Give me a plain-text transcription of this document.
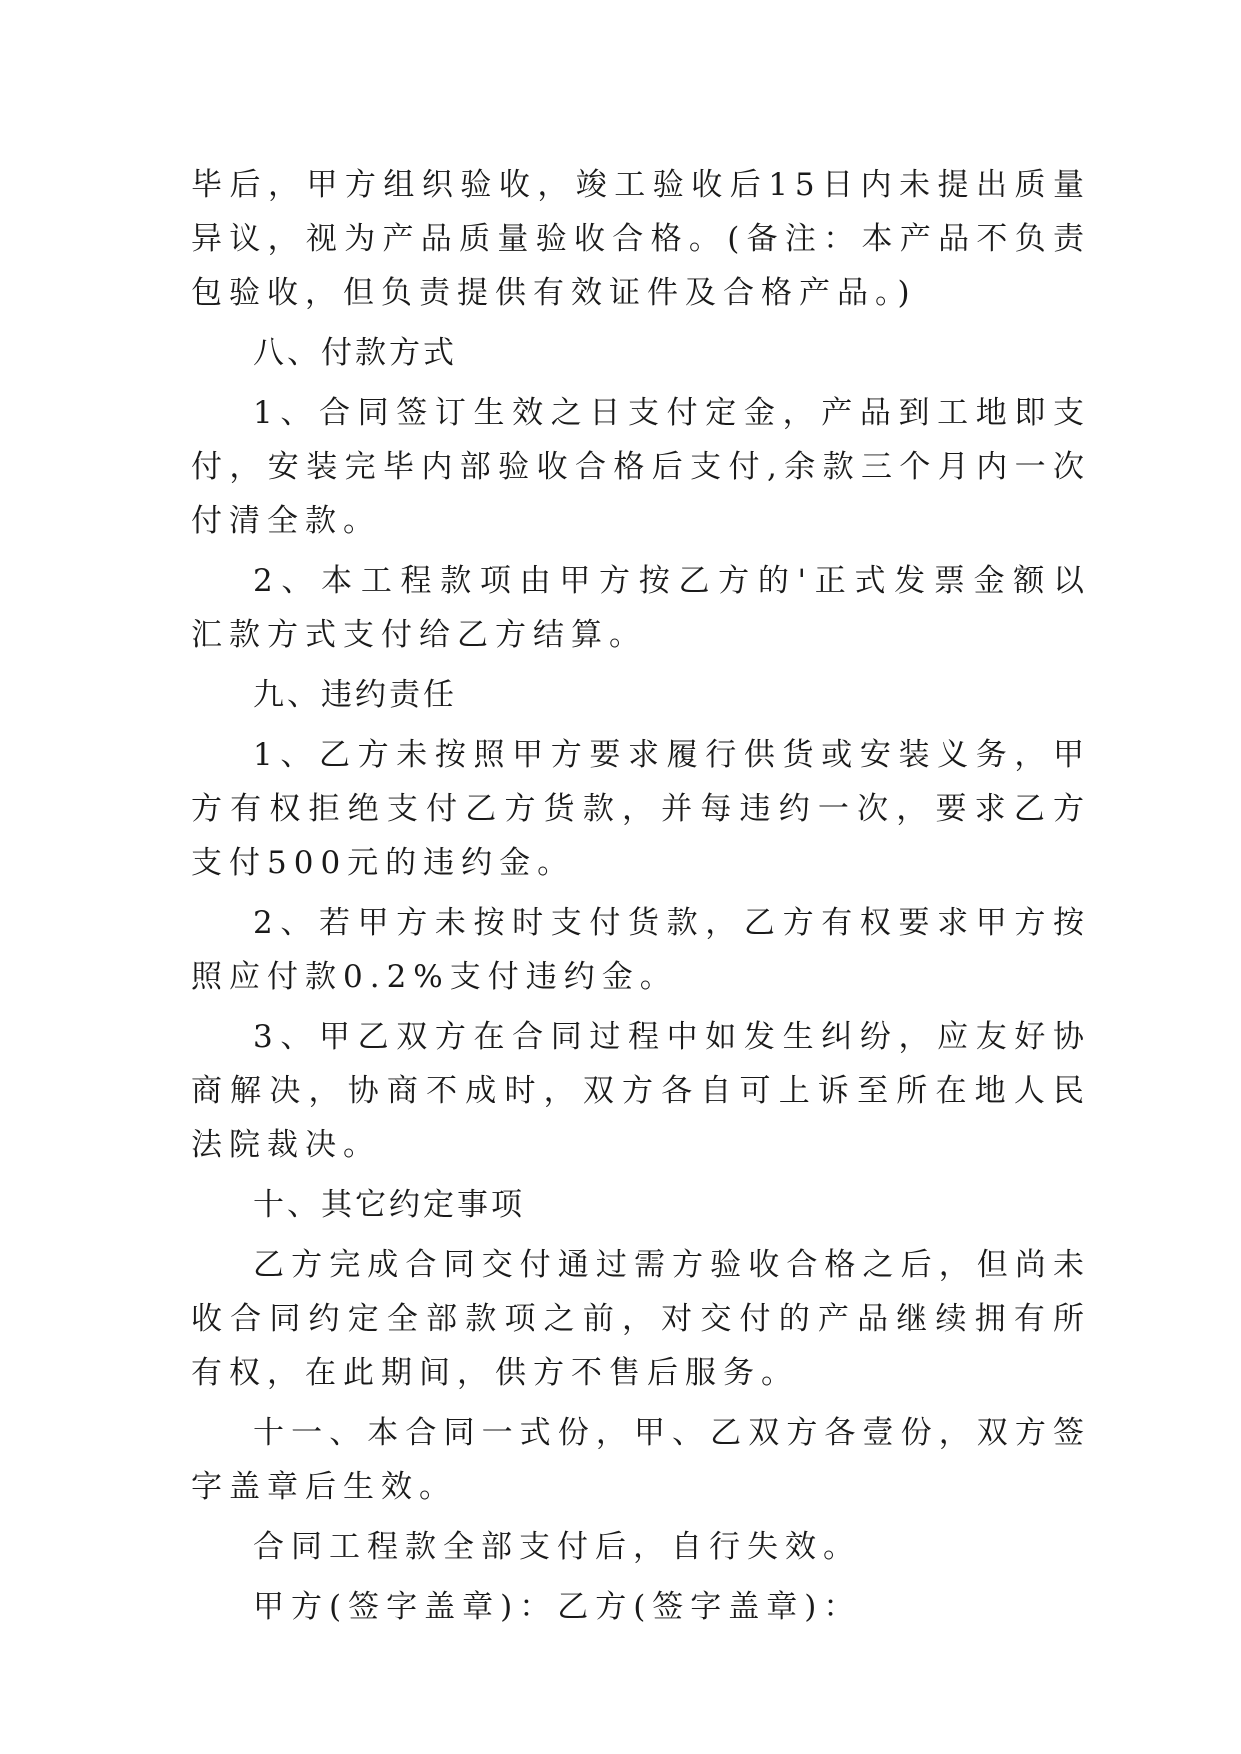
毕后，甲方组织验收，竣工验收后15日内未提出质量异议，视为产品质量验收合格。(备注：本产品不负责包验收，但负责提供有效证件及合格产品。)

八、付款方式

1、合同签订生效之日支付定金，产品到工地即支付，安装完毕内部验收合格后支付,余款三个月内一次付清全款。

2、本工程款项由甲方按乙方的'正式发票金额以汇款方式支付给乙方结算。

九、违约责任

1、乙方未按照甲方要求履行供货或安装义务，甲方有权拒绝支付乙方货款，并每违约一次，要求乙方支付500元的违约金。

2、若甲方未按时支付货款，乙方有权要求甲方按照应付款0.2%支付违约金。

3、甲乙双方在合同过程中如发生纠纷，应友好协商解决，协商不成时，双方各自可上诉至所在地人民法院裁决。

十、其它约定事项

乙方完成合同交付通过需方验收合格之后，但尚未收合同约定全部款项之前，对交付的产品继续拥有所有权，在此期间，供方不售后服务。

十一、本合同一式份，甲、乙双方各壹份，双方签字盖章后生效。

合同工程款全部支付后，自行失效。

甲方(签字盖章)：乙方(签字盖章)：
